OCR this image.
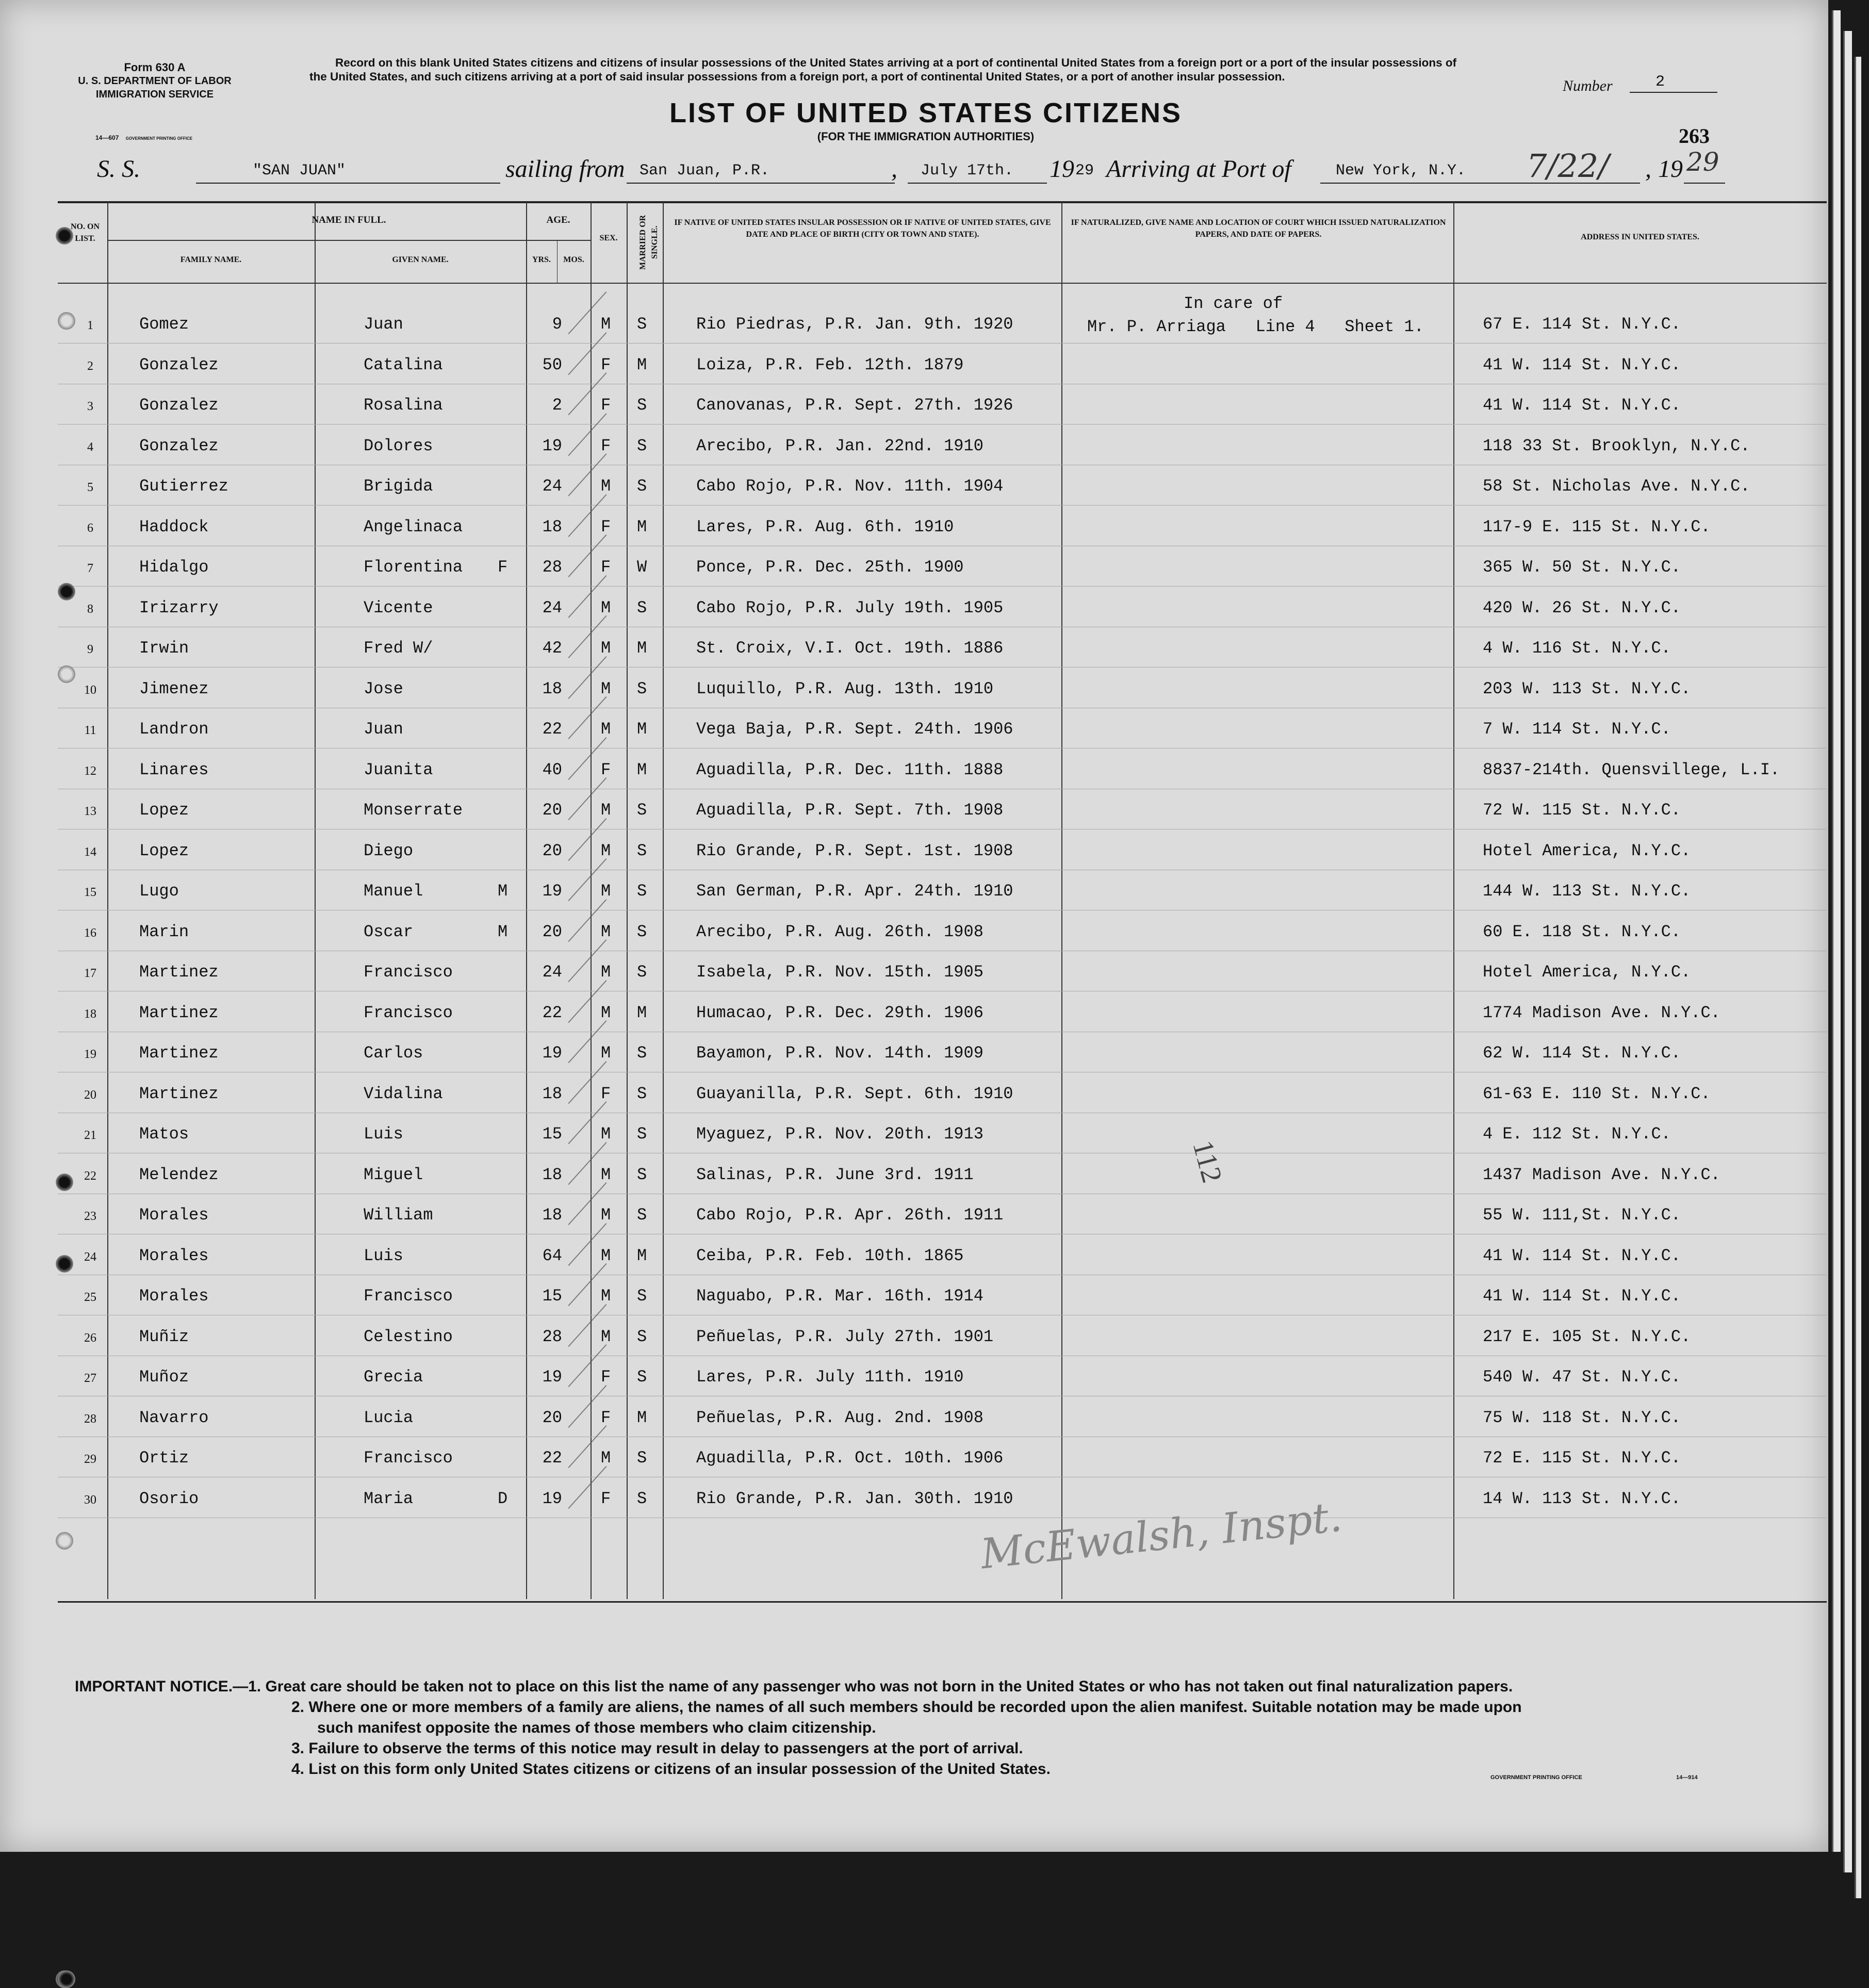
Form 630 A
U. S. DEPARTMENT OF LABOR
IMMIGRATION SERVICE
14—607 GOVERNMENT PRINTING OFFICE
Record on this blank United States citizens and citizens of insular possessions of the United States arriving at a port of continental United States from a foreign port or a port of the insular possessions of the United States, and such citizens arriving at a port of said insular possessions from a foreign port, a port of continental United States, or a port of another insular possession.
LIST OF UNITED STATES CITIZENS
(FOR THE IMMIGRATION AUTHORITIES)
Number	2
263
S. S.	"SAN JUAN"	sailing from San Juan, P.R.	, July 17th. 19 29 Arriving at Port of	New York, N.Y. 7/22/ , 19 29
NO. ON LIST.
NAME IN FULL.
FAMILY NAME.	GIVEN NAME.
AGE.
YRS.	MOS.
SEX.	MARRIED OR SINGLE.
IF NATIVE OF UNITED STATES INSULAR POSSESSION OR IF NATIVE OF UNITED STATES, GIVE DATE AND PLACE OF BIRTH (CITY OR TOWN AND STATE).
IF NATURALIZED, GIVE NAME AND LOCATION OF COURT WHICH ISSUED NATURALIZATION PAPERS, AND DATE OF PAPERS.	ADDRESS IN UNITED STATES.
In care of
Mr. P. Arriaga   Line 4   Sheet 1.
1	Gomez	Juan	9 M S	Rio Piedras, P.R. Jan. 9th. 1920	67 E. 114 St. N.Y.C.
2	Gonzalez	Catalina	50 F M	Loiza, P.R. Feb. 12th. 1879	41 W. 114 St. N.Y.C.
3	Gonzalez	Rosalina	2 F S	Canovanas, P.R. Sept. 27th. 1926	41 W. 114 St. N.Y.C.
4	Gonzalez	Dolores	19 F S	Arecibo, P.R. Jan. 22nd. 1910	118 33 St. Brooklyn, N.Y.C.
5	Gutierrez	Brigida	24 M S	Cabo Rojo, P.R. Nov. 11th. 1904	58 St. Nicholas Ave. N.Y.C.
6	Haddock	Angelinaca	18 F M	Lares, P.R. Aug. 6th. 1910	117-9 E. 115 St. N.Y.C.
7	Hidalgo	Florentina F	28 F W	Ponce, P.R. Dec. 25th. 1900	365 W. 50 St. N.Y.C.
8	Irizarry	Vicente	24 M S	Cabo Rojo, P.R. July 19th. 1905	420 W. 26 St. N.Y.C.
9	Irwin	Fred W/	42 M M	St. Croix, V.I. Oct. 19th. 1886	4 W. 116 St. N.Y.C.
10	Jimenez	Jose	18 M S	Luquillo, P.R. Aug. 13th. 1910	203 W. 113 St. N.Y.C.
11	Landron	Juan	22 M M	Vega Baja, P.R. Sept. 24th. 1906	7 W. 114 St. N.Y.C.
12	Linares	Juanita	40 F M	Aguadilla, P.R. Dec. 11th. 1888	8837-214th. Quensvillege, L.I.
13	Lopez	Monserrate	20 M S	Aguadilla, P.R. Sept. 7th. 1908	72 W. 115 St. N.Y.C.
14	Lopez	Diego	20 M S	Rio Grande, P.R. Sept. 1st. 1908	Hotel America, N.Y.C.
15	Lugo	Manuel	M	19 M S	San German, P.R. Apr. 24th. 1910	144 W. 113 St. N.Y.C.
16	Marin	Oscar	M	20 M S	Arecibo, P.R. Aug. 26th. 1908	60 E. 118 St. N.Y.C.
17	Martinez	Francisco	24 M S	Isabela, P.R. Nov. 15th. 1905	Hotel America, N.Y.C.
18	Martinez	Francisco	22 M M	Humacao, P.R. Dec. 29th. 1906	1774 Madison Ave. N.Y.C.
19	Martinez	Carlos	19 M S	Bayamon, P.R. Nov. 14th. 1909	62 W. 114 St. N.Y.C.
20	Martinez	Vidalina	18 F S	Guayanilla, P.R. Sept. 6th. 1910	61-63 E. 110 St. N.Y.C.
21	Matos	Luis	15 M S	Myaguez, P.R. Nov. 20th. 1913	4 E. 112 St. N.Y.C.
22	Melendez	Miguel	18 M S	Salinas, P.R. June 3rd. 1911	1437 Madison Ave. N.Y.C.
23	Morales	William	18 M S	Cabo Rojo, P.R. Apr. 26th. 1911	55 W. 111,St. N.Y.C.
24	Morales	Luis	64 M M	Ceiba, P.R. Feb. 10th. 1865	41 W. 114 St. N.Y.C.
25	Morales	Francisco	15 M S	Naguabo, P.R. Mar. 16th. 1914	41 W. 114 St. N.Y.C.
26	Muñiz	Celestino	28 M S	Peñuelas, P.R. July 27th. 1901	217 E. 105 St. N.Y.C.
27	Muñoz	Grecia	19 F S	Lares, P.R. July 11th. 1910	540 W. 47 St. N.Y.C.
28	Navarro	Lucia	20 F M	Peñuelas, P.R. Aug. 2nd. 1908	75 W. 118 St. N.Y.C.
29	Ortiz	Francisco	22 M S	Aguadilla, P.R. Oct. 10th. 1906	72 E. 115 St. N.Y.C.
30	Osorio	Maria	D	19 F S	Rio Grande, P.R. Jan. 30th. 1910	14 W. 113 St. N.Y.C.
112
McEwalsh, Inspt.

IMPORTANT NOTICE.—1. Great care should be taken not to place on this list the name of any passenger who was not born in the United States or who has not taken out final naturalization papers.

2. Where one or more members of a family are aliens, the names of all such members should be recorded upon the alien manifest. Suitable notation may be made upon

such manifest opposite the names of those members who claim citizenship.

3. Failure to observe the terms of this notice may result in delay to passengers at the port of arrival.

4. List on this form only United States citizens or citizens of an insular possession of the United States.	GOVERNMENT PRINTING OFFICE	14—914
